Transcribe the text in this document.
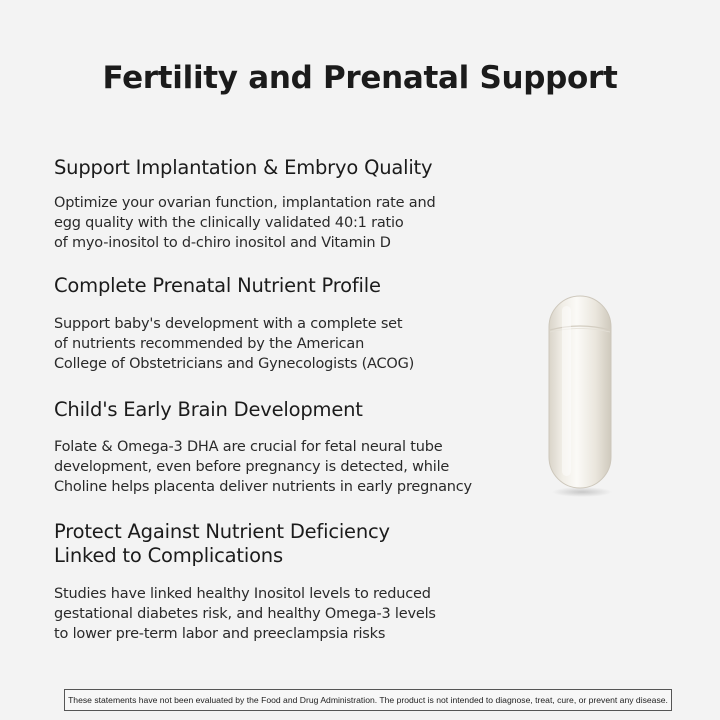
Fertility and Prenatal Support
Support Implantation & Embryo Quality

Optimize your ovarian function, implantation rate and
egg quality with the clinically validated 40:1 ratio
of myo-inositol to d-chiro inositol and Vitamin D

Complete Prenatal Nutrient Profile

Support baby's development with a complete set
of nutrients recommended by the American
College of Obstetricians and Gynecologists (ACOG)

Child's Early Brain Development

Folate & Omega-3 DHA are crucial for fetal neural tube
development, even before pregnancy is detected, while
Choline helps placenta deliver nutrients in early pregnancy

Protect Against Nutrient Deficiency
Linked to Complications

Studies have linked healthy Inositol levels to reduced
gestational diabetes risk, and healthy Omega-3 levels
to lower pre-term labor and preeclampsia risks

These statements have not been evaluated by the Food and Drug Administration. The product is not intended to diagnose, treat, cure, or prevent any disease.
